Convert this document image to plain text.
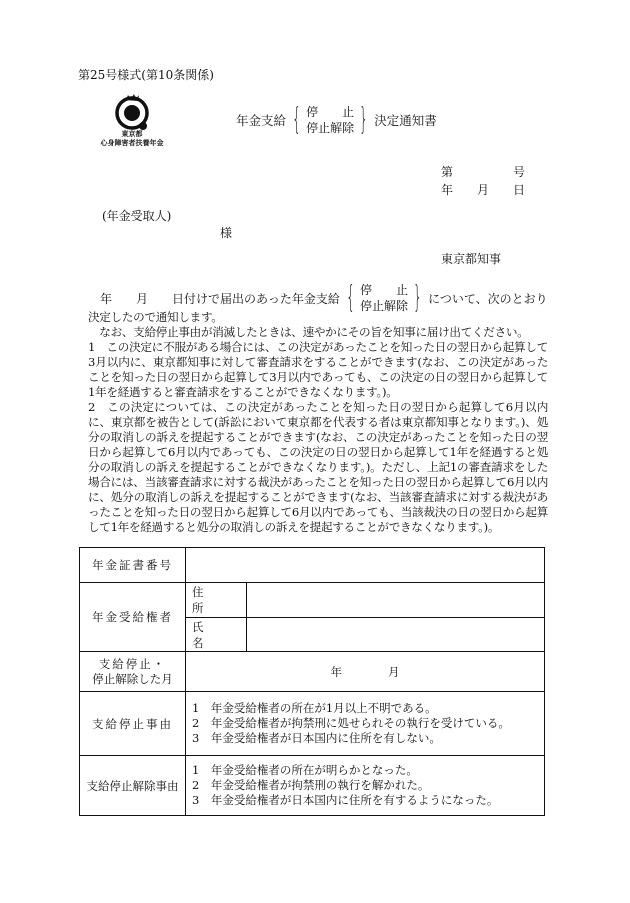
第25号様式(第10条関係)
東京都
心身障害者扶養年金
年金支給 { 停　　止
停止解除 } 決定通知書
第　　　　　号
年　　月　　日
(年金受取人)
様
東京都知事
　年　　月　　日付けで届出のあった年金支給 { 停　　止
停止解除 } について、次のとおり
決定したので通知します。
　なお、支給停止事由が消滅したときは、速やかにその旨を知事に届け出てください。
1　この決定に不服がある場合には、この決定があったことを知った日の翌日から起算して3月以内に、東京都知事に対して審査請求をすることができます(なお、この決定があったことを知った日の翌日から起算して3月以内であっても、この決定の日の翌日から起算して1年を経過すると審査請求をすることができなくなります。)。
2　この決定については、この決定があったことを知った日の翌日から起算して6月以内に、東京都を被告として(訴訟において東京都を代表する者は東京都知事となります。)、処分の取消しの訴えを提起することができます(なお、この決定があったことを知った日の翌日から起算して6月以内であっても、この決定の日の翌日から起算して1年を経過すると処分の取消しの訴えを提起することができなくなります。)。ただし、上記1の審査請求をした場合には、当該審査請求に対する裁決があったことを知った日の翌日から起算して6月以内に、処分の取消しの訴えを提起することができます(なお、当該審査請求に対する裁決があったことを知った日の翌日から起算して6月以内であっても、当該裁決の日の翌日から起算して1年を経過すると処分の取消しの訴えを提起することができなくなります。)。
年金証書番号		
年金受給権者	住　所	
	氏　名	

支給停止・
停止解除した月	年　　　　月	
支給停止事由	1　年金受給権者の所在が1月以上不明である。
2　年金受給権者が拘禁刑に処せられその執行を受けている。
3　年金受給権者が日本国内に住所を有しない。	

支給停止解除事由	1　年金受給権者の所在が明らかとなった。
2　年金受給権者が拘禁刑の執行を解かれた。
3　年金受給権者が日本国内に住所を有するようになった。	
